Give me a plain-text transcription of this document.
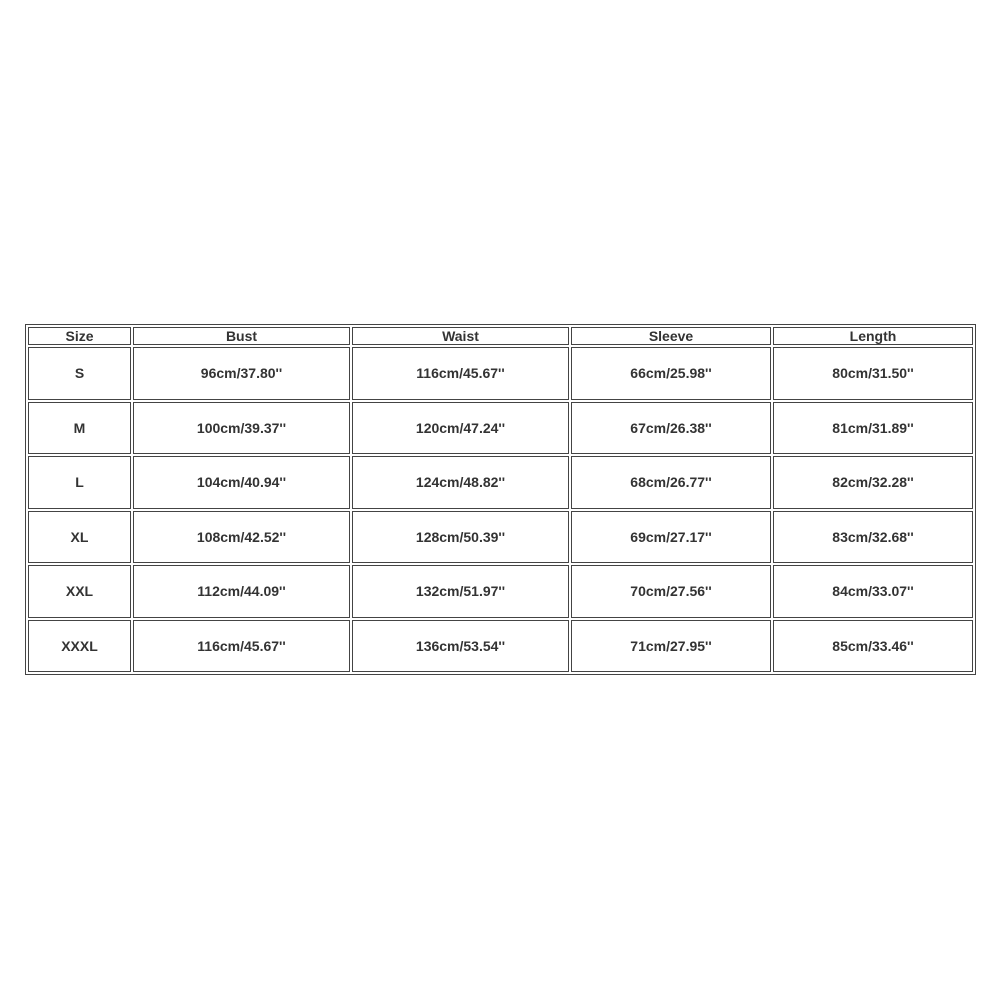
Size	Bust	Waist	Sleeve	Length
S	96cm/37.80''	116cm/45.67''	66cm/25.98''	80cm/31.50''
M	100cm/39.37''	120cm/47.24''	67cm/26.38''	81cm/31.89''
L	104cm/40.94''	124cm/48.82''	68cm/26.77''	82cm/32.28''
XL	108cm/42.52''	128cm/50.39''	69cm/27.17''	83cm/32.68''
XXL	112cm/44.09''	132cm/51.97''	70cm/27.56''	84cm/33.07''
XXXL	116cm/45.67''	136cm/53.54''	71cm/27.95''	85cm/33.46''
